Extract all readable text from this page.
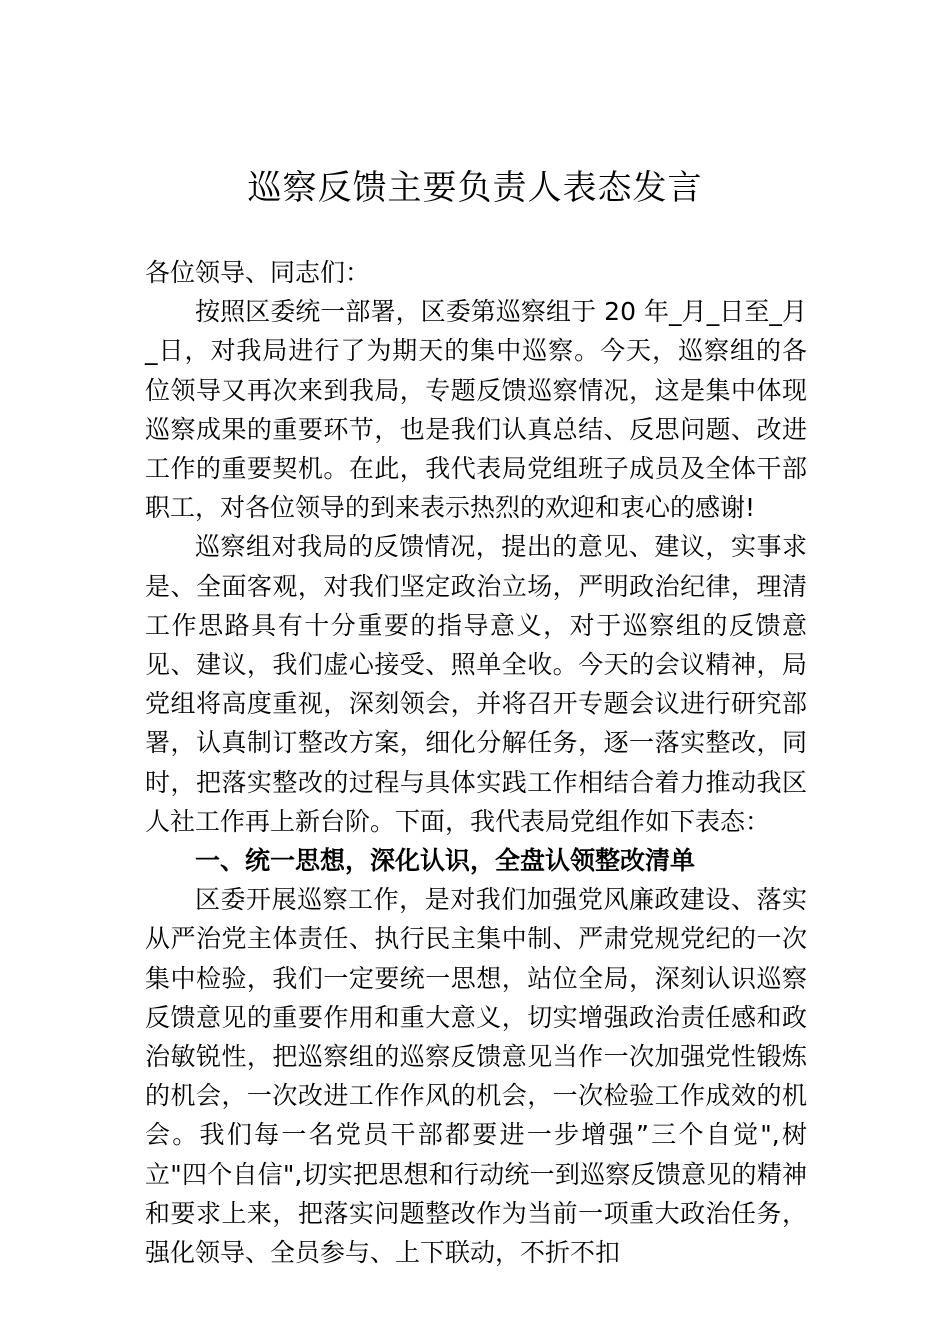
巡察反馈主要负责人表态发言

各位领导、同志们：

按照区委统一部署，区委第巡察组于 20 年_月_日至_月_日，对我局进行了为期天的集中巡察。今天，巡察组的各位领导又再次来到我局，专题反馈巡察情况，这是集中体现巡察成果的重要环节，也是我们认真总结、反思问题、改进工作的重要契机。在此，我代表局党组班子成员及全体干部职工，对各位领导的到来表示热烈的欢迎和衷心的感谢!

巡察组对我局的反馈情况，提出的意见、建议，实事求是、全面客观，对我们坚定政治立场，严明政治纪律，理清工作思路具有十分重要的指导意义，对于巡察组的反馈意见、建议，我们虚心接受、照单全收。今天的会议精神，局党组将高度重视，深刻领会，并将召开专题会议进行研究部署，认真制订整改方案，细化分解任务，逐一落实整改，同时，把落实整改的过程与具体实践工作相结合着力推动我区人社工作再上新台阶。下面，我代表局党组作如下表态：

一、统一思想，深化认识，全盘认领整改清单

区委开展巡察工作，是对我们加强党风廉政建设、落实从严治党主体责任、执行民主集中制、严肃党规党纪的一次集中检验，我们一定要统一思想，站位全局，深刻认识巡察反馈意见的重要作用和重大意义，切实增强政治责任感和政治敏锐性，把巡察组的巡察反馈意见当作一次加强党性锻炼的机会，一次改进工作作风的机会，一次检验工作成效的机会。我们每一名党员干部都要进一步增强”三个自觉",树立"四个自信",切实把思想和行动统一到巡察反馈意见的精神和要求上来，把落实问题整改作为当前一项重大政治任务，强化领导、全员参与、上下联动，不折不扣
